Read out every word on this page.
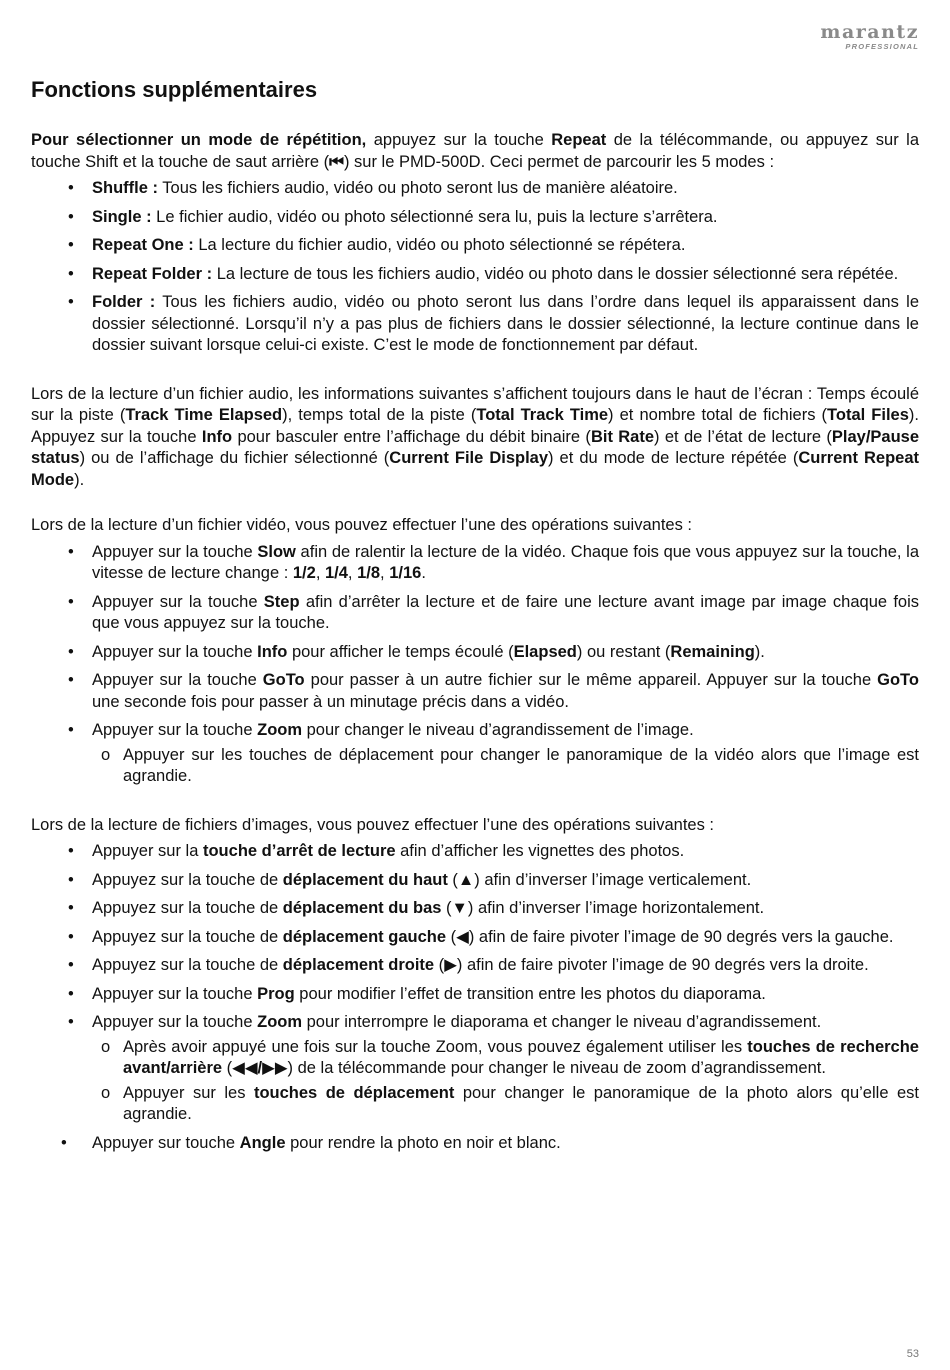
marantz
PROFESSIONAL
Fonctions supplémentaires

Pour sélectionner un mode de répétition, appuyez sur la touche Repeat de la télécommande, ou appuyez sur la touche Shift et la touche de saut arrière (⏮) sur le PMD-500D. Ceci permet de parcourir les 5 modes :

• Shuffle : Tous les fichiers audio, vidéo ou photo seront lus de manière aléatoire.
• Single : Le fichier audio, vidéo ou photo sélectionné sera lu, puis la lecture s’arrêtera.
• Repeat One : La lecture du fichier audio, vidéo ou photo sélectionné se répétera.
• Repeat Folder : La lecture de tous les fichiers audio, vidéo ou photo dans le dossier sélectionné sera répétée.
• Folder : Tous les fichiers audio, vidéo ou photo seront lus dans l’ordre dans lequel ils apparaissent dans le dossier sélectionné. Lorsqu’il n’y a pas plus de fichiers dans le dossier sélectionné, la lecture continue dans le dossier suivant lorsque celui-ci existe. C’est le mode de fonctionnement par défaut.

Lors de la lecture d’un fichier audio, les informations suivantes s’affichent toujours dans le haut de l’écran : Temps écoulé sur la piste (Track Time Elapsed), temps total de la piste (Total Track Time) et nombre total de fichiers (Total Files). Appuyez sur la touche Info pour basculer entre l’affichage du débit binaire (Bit Rate) et de l’état de lecture (Play/Pause status) ou de l’affichage du fichier sélectionné (Current File Display) et du mode de lecture répétée (Current Repeat Mode).

Lors de la lecture d’un fichier vidéo, vous pouvez effectuer l’une des opérations suivantes :

• Appuyer sur la touche Slow afin de ralentir la lecture de la vidéo. Chaque fois que vous appuyez sur la touche, la vitesse de lecture change : 1/2, 1/4, 1/8, 1/16.
• Appuyer sur la touche Step afin d’arrêter la lecture et de faire une lecture avant image par image chaque fois que vous appuyez sur la touche.
• Appuyer sur la touche Info pour afficher le temps écoulé (Elapsed) ou restant (Remaining).
• Appuyer sur la touche GoTo pour passer à un autre fichier sur le même appareil. Appuyer sur la touche GoTo une seconde fois pour passer à un minutage précis dans a vidéo.
• Appuyer sur la touche Zoom pour changer le niveau d’agrandissement de l’image.
o Appuyer sur les touches de déplacement pour changer le panoramique de la vidéo alors que l’image est agrandie.

Lors de la lecture de fichiers d’images, vous pouvez effectuer l’une des opérations suivantes :

• Appuyer sur la touche d’arrêt de lecture afin d’afficher les vignettes des photos.
• Appuyez sur la touche de déplacement du haut (▲) afin d’inverser l’image verticalement.
• Appuyez sur la touche de déplacement du bas (▼) afin d’inverser l’image horizontalement.
• Appuyez sur la touche de déplacement gauche (◀) afin de faire pivoter l’image de 90 degrés vers la gauche.
• Appuyez sur la touche de déplacement droite (▶) afin de faire pivoter l’image de 90 degrés vers la droite.
• Appuyer sur la touche Prog pour modifier l’effet de transition entre les photos du diaporama.
• Appuyer sur la touche Zoom pour interrompre le diaporama et changer le niveau d’agrandissement.
o Après avoir appuyé une fois sur la touche Zoom, vous pouvez également utiliser les touches de recherche avant/arrière (◀◀/▶▶) de la télécommande pour changer le niveau de zoom d’agrandissement.
o Appuyer sur les touches de déplacement pour changer le panoramique de la photo alors qu’elle est agrandie.
• Appuyer sur touche Angle pour rendre la photo en noir et blanc.
53
